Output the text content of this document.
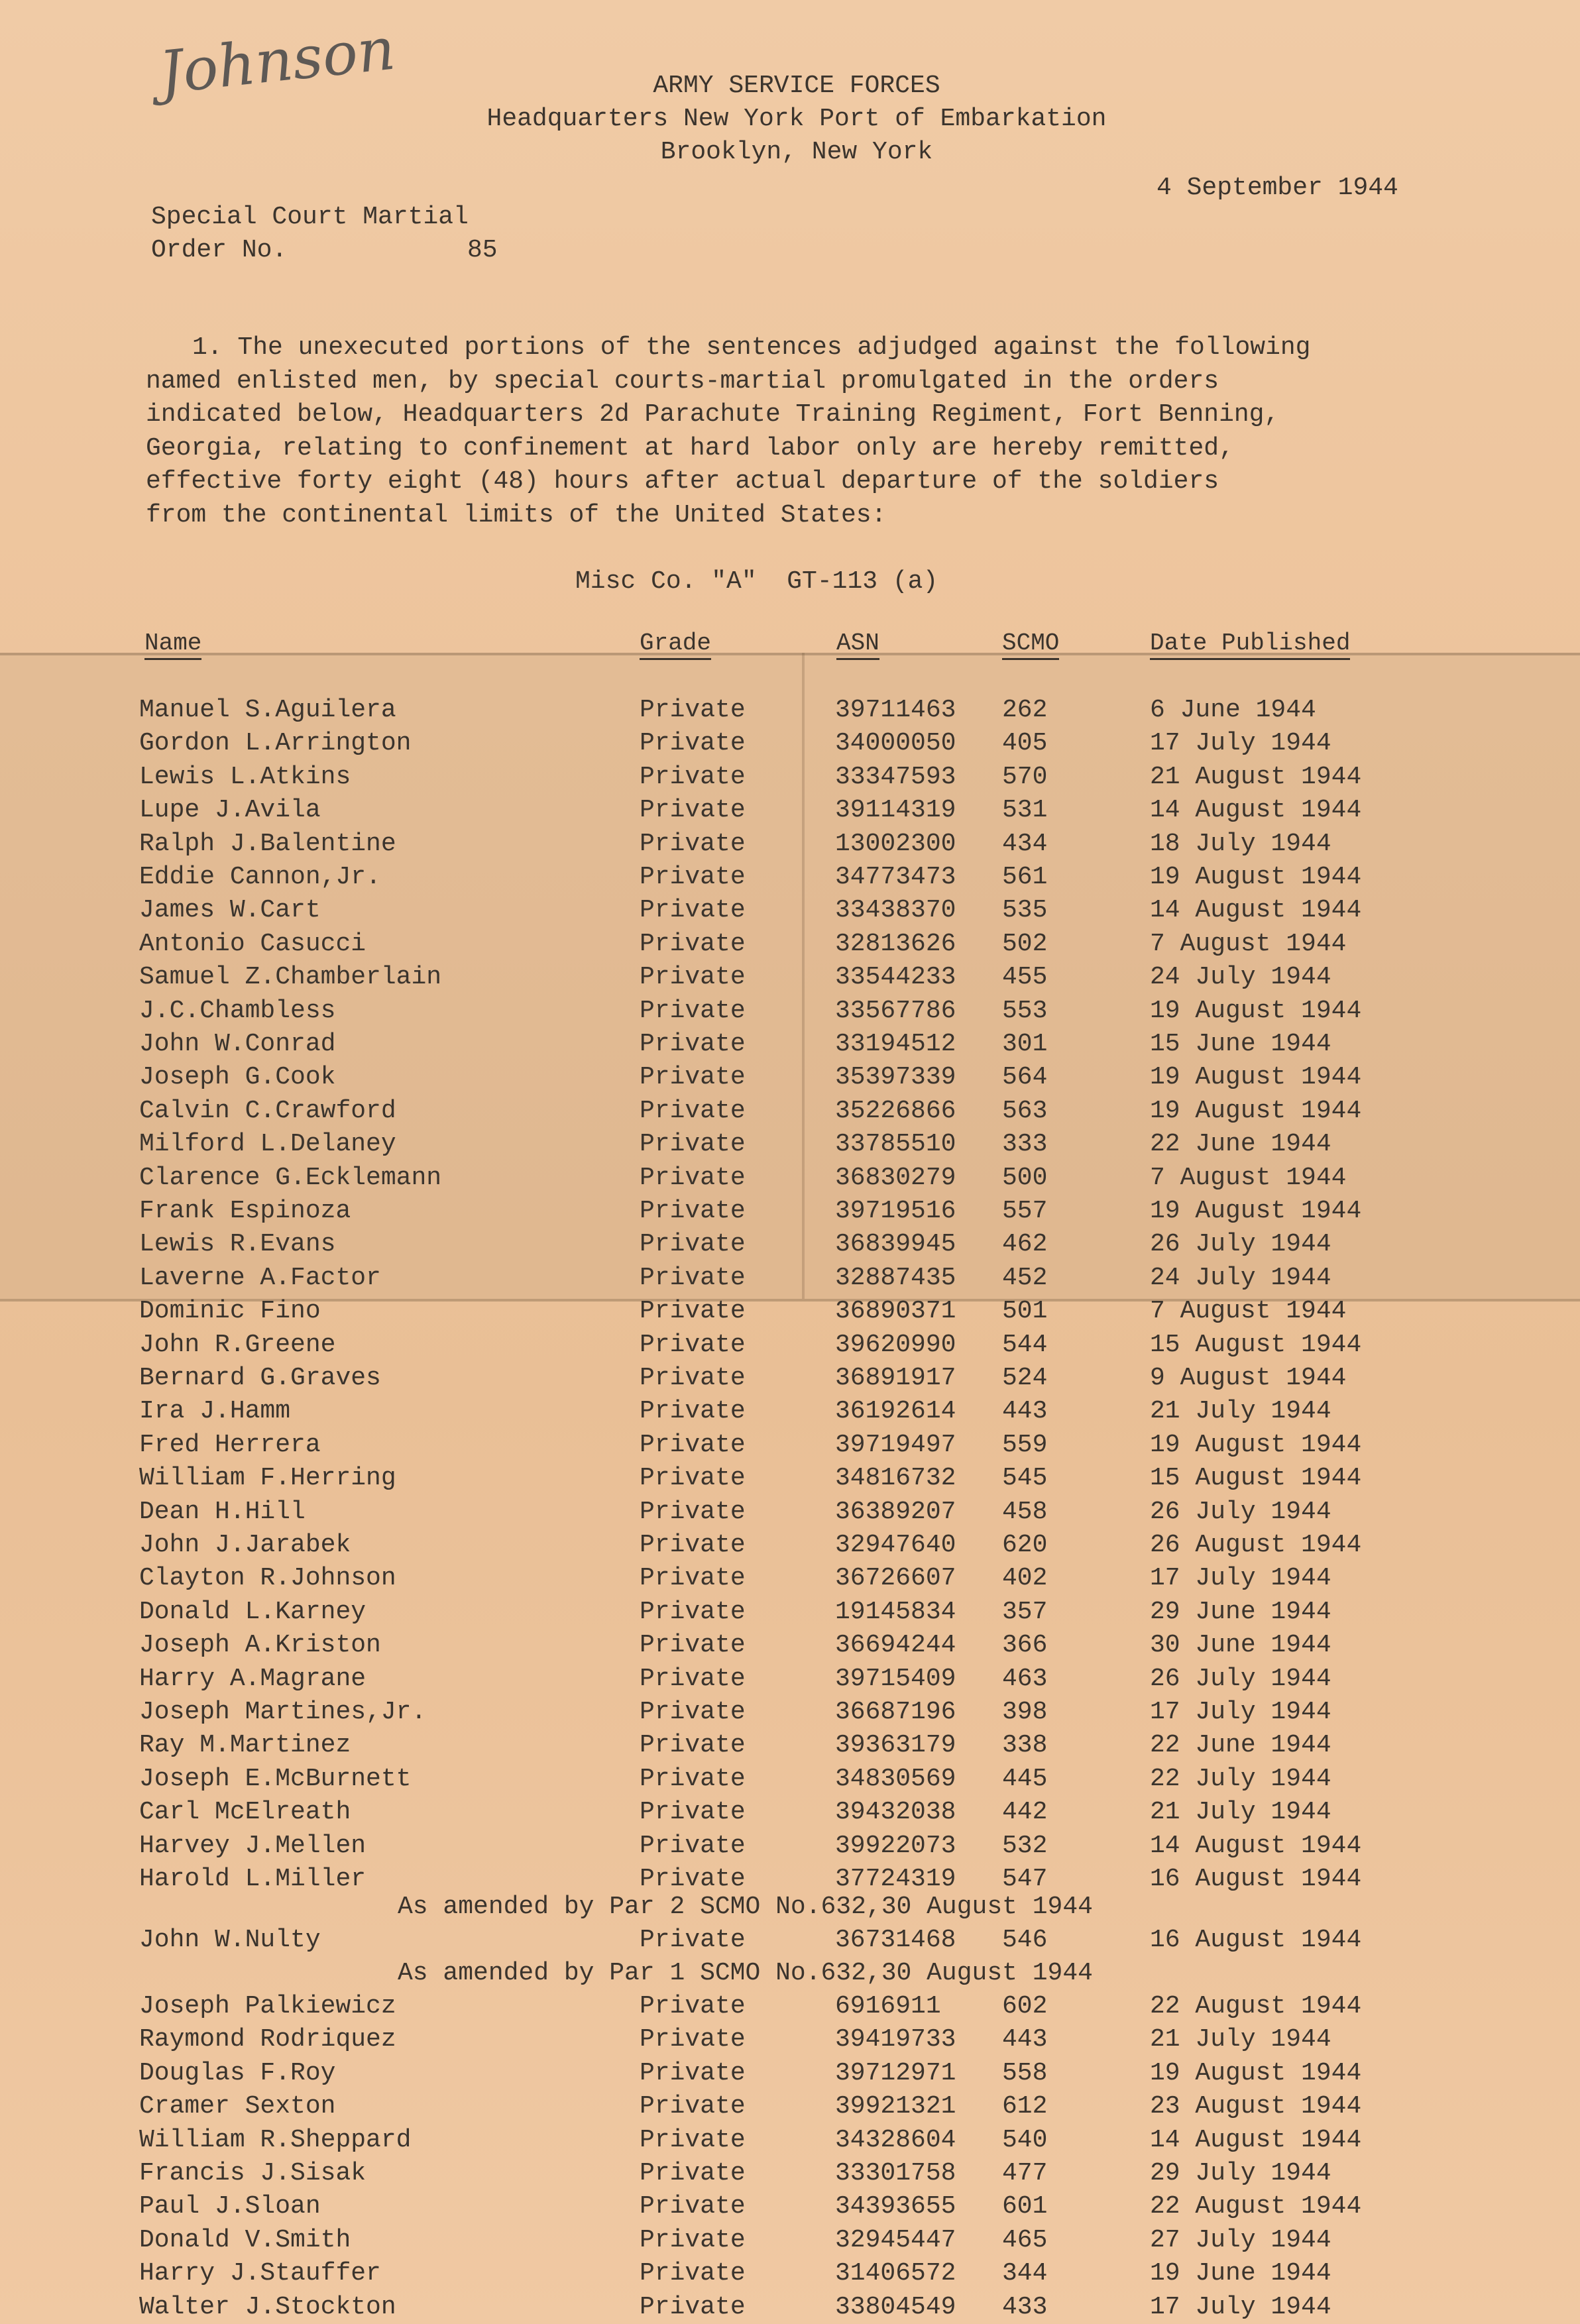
Johnson	ARMY SERVICE FORCES
Headquarters New York Port of Embarkation
Brooklyn, New York
4 September 1944
Special Court Martial
Order No.	85
1. The unexecuted portions of the sentences adjudged against the following
named enlisted men, by special courts-martial promulgated in the orders
indicated below, Headquarters 2d Parachute Training Regiment, Fort Benning,
Georgia, relating to confinement at hard labor only are hereby remitted,
effective forty eight (48) hours after actual departure of the soldiers
from the continental limits of the United States:
Misc Co. "A"  GT-113 (a)
Name	Grade	ASN	SCMO	Date Published
Manuel S.Aguilera	Private	39711463 262	6 June 1944
Gordon L.Arrington	Private	34000050 405	17 July 1944
Lewis L.Atkins	Private	33347593 570	21 August 1944
Lupe J.Avila	Private	39114319 531	14 August 1944
Ralph J.Balentine	Private	13002300 434	18 July 1944
Eddie Cannon,Jr.	Private	34773473 561	19 August 1944
James W.Cart	Private	33438370 535	14 August 1944
Antonio Casucci	Private	32813626 502	7 August 1944
Samuel Z.Chamberlain	Private	33544233 455	24 July 1944
J.C.Chambless	Private	33567786 553	19 August 1944
John W.Conrad	Private	33194512 301	15 June 1944
Joseph G.Cook	Private	35397339 564	19 August 1944
Calvin C.Crawford	Private	35226866 563	19 August 1944
Milford L.Delaney	Private	33785510 333	22 June 1944
Clarence G.Ecklemann	Private	36830279 500	7 August 1944
Frank Espinoza	Private	39719516 557	19 August 1944
Lewis R.Evans	Private	36839945 462	26 July 1944
Laverne A.Factor	Private	32887435 452	24 July 1944
Dominic Fino	Private	36890371 501	7 August 1944
John R.Greene	Private	39620990 544	15 August 1944
Bernard G.Graves	Private	36891917 524	9 August 1944
Ira J.Hamm	Private	36192614 443	21 July 1944
Fred Herrera	Private	39719497 559	19 August 1944
William F.Herring	Private	34816732 545	15 August 1944
Dean H.Hill	Private	36389207 458	26 July 1944
John J.Jarabek	Private	32947640 620	26 August 1944
Clayton R.Johnson	Private	36726607 402	17 July 1944
Donald L.Karney	Private	19145834 357	29 June 1944
Joseph A.Kriston	Private	36694244 366	30 June 1944
Harry A.Magrane	Private	39715409 463	26 July 1944
Joseph Martines,Jr.	Private	36687196 398	17 July 1944
Ray M.Martinez	Private	39363179 338	22 June 1944
Joseph E.McBurnett	Private	34830569 445	22 July 1944
Carl McElreath	Private	39432038 442	21 July 1944
Harvey J.Mellen	Private	39922073 532	14 August 1944
Harold L.Miller	Private	37724319 547	16 August 1944
As amended by Par 2 SCMO No.632,30 August 1944
John W.Nulty	Private	36731468 546	16 August 1944
As amended by Par 1 SCMO No.632,30 August 1944
Joseph Palkiewicz	Private	6916911 602	22 August 1944
Raymond Rodriquez	Private	39419733 443	21 July 1944
Douglas F.Roy	Private	39712971 558	19 August 1944
Cramer Sexton	Private	39921321 612	23 August 1944
William R.Sheppard	Private	34328604 540	14 August 1944
Francis J.Sisak	Private	33301758 477	29 July 1944
Paul J.Sloan	Private	34393655 601	22 August 1944
Donald V.Smith	Private	32945447 465	27 July 1944
Harry J.Stauffer	Private	31406572 344	19 June 1944
Walter J.Stockton	Private	33804549 433	17 July 1944
